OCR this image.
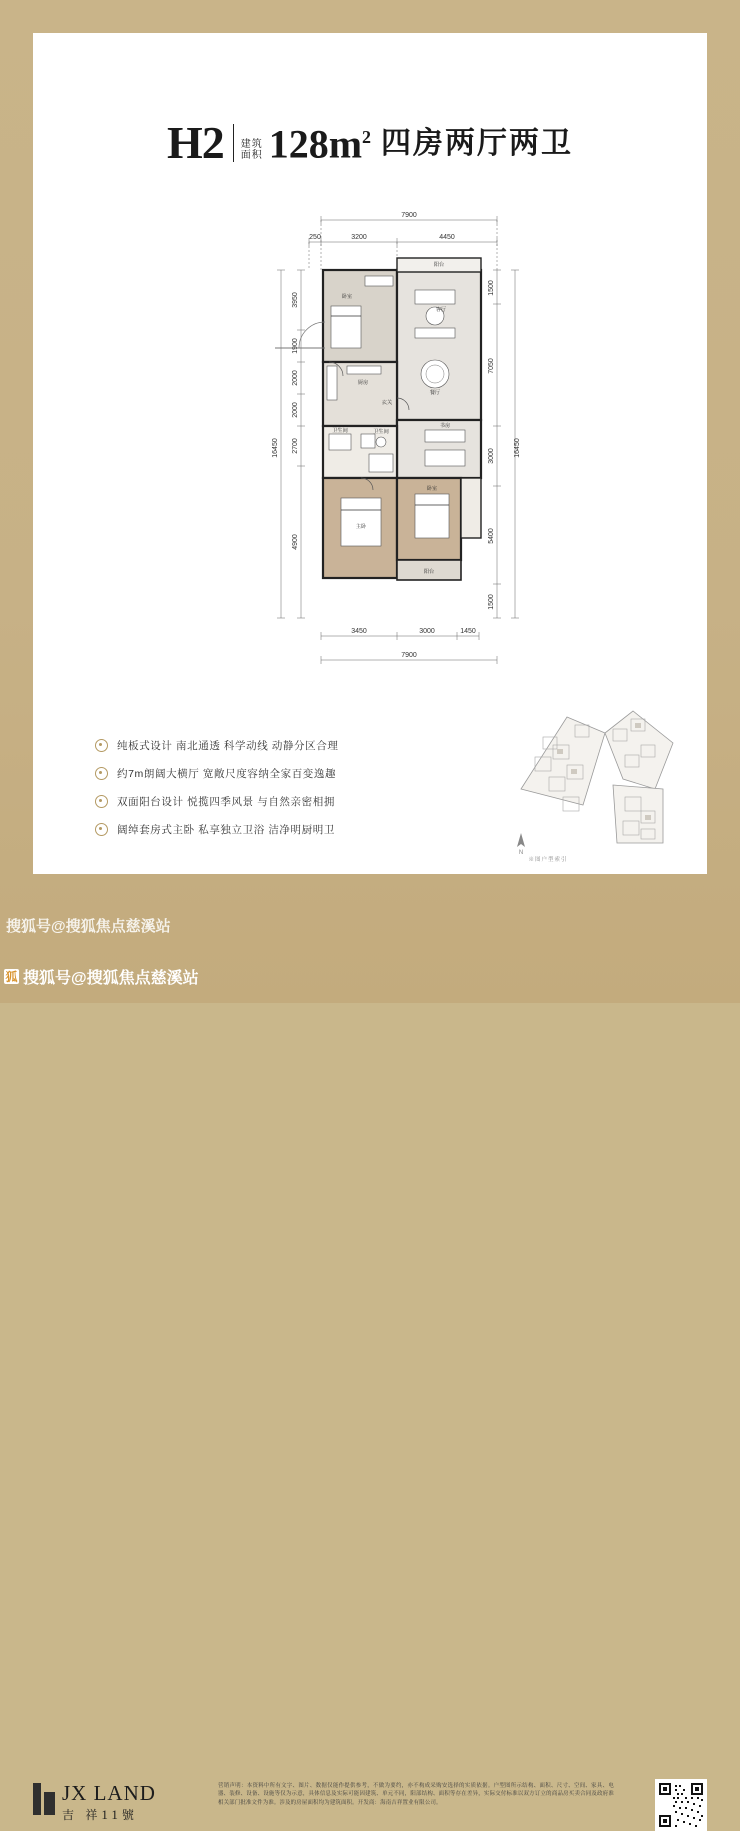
H2 建筑
面积 $128m^2$ 四房两厅两卫
7900
250	3200	4450
3450	3000	1450
7900
16450
3950
1900
2000
2000
2700
4900
16450
1500
7050
3000
5400
1500
卧室
客厅
阳台
餐厅
厨房
书房
卫生间	卫生间
玄关
主卧
卧室
阳台
纯板式设计 南北通透 科学动线 动静分区合理
约7m朗阔大横厅 宽敞尺度容纳全家百变逸趣
双面阳台设计 悦揽四季风景 与自然亲密相拥
阔绰套房式主卧 私享独立卫浴 洁净明厨明卫
N
※图户型索引
JX LAND
吉 祥11號
营销声明：本资料中所有文字、图片、数据仅能作提供参考，不做为要约，亦不构成采购安选择的实质依据。户型图所示结构、面积、尺寸、空间、家具、电器、装修、设备、设施等仅为示意，具体信息及实际可能因建筑、单元不同，阳部结构、面积等存在差异，实际交付标准以双方订立的商品房买卖合同及政府准相关部门批准文件为准。涉及的房屋面积均为建筑面积。开发商：海南吉祥置业有限公司。
搜狐号@搜狐焦点慈溪站
狐 搜狐号@搜狐焦点慈溪站
